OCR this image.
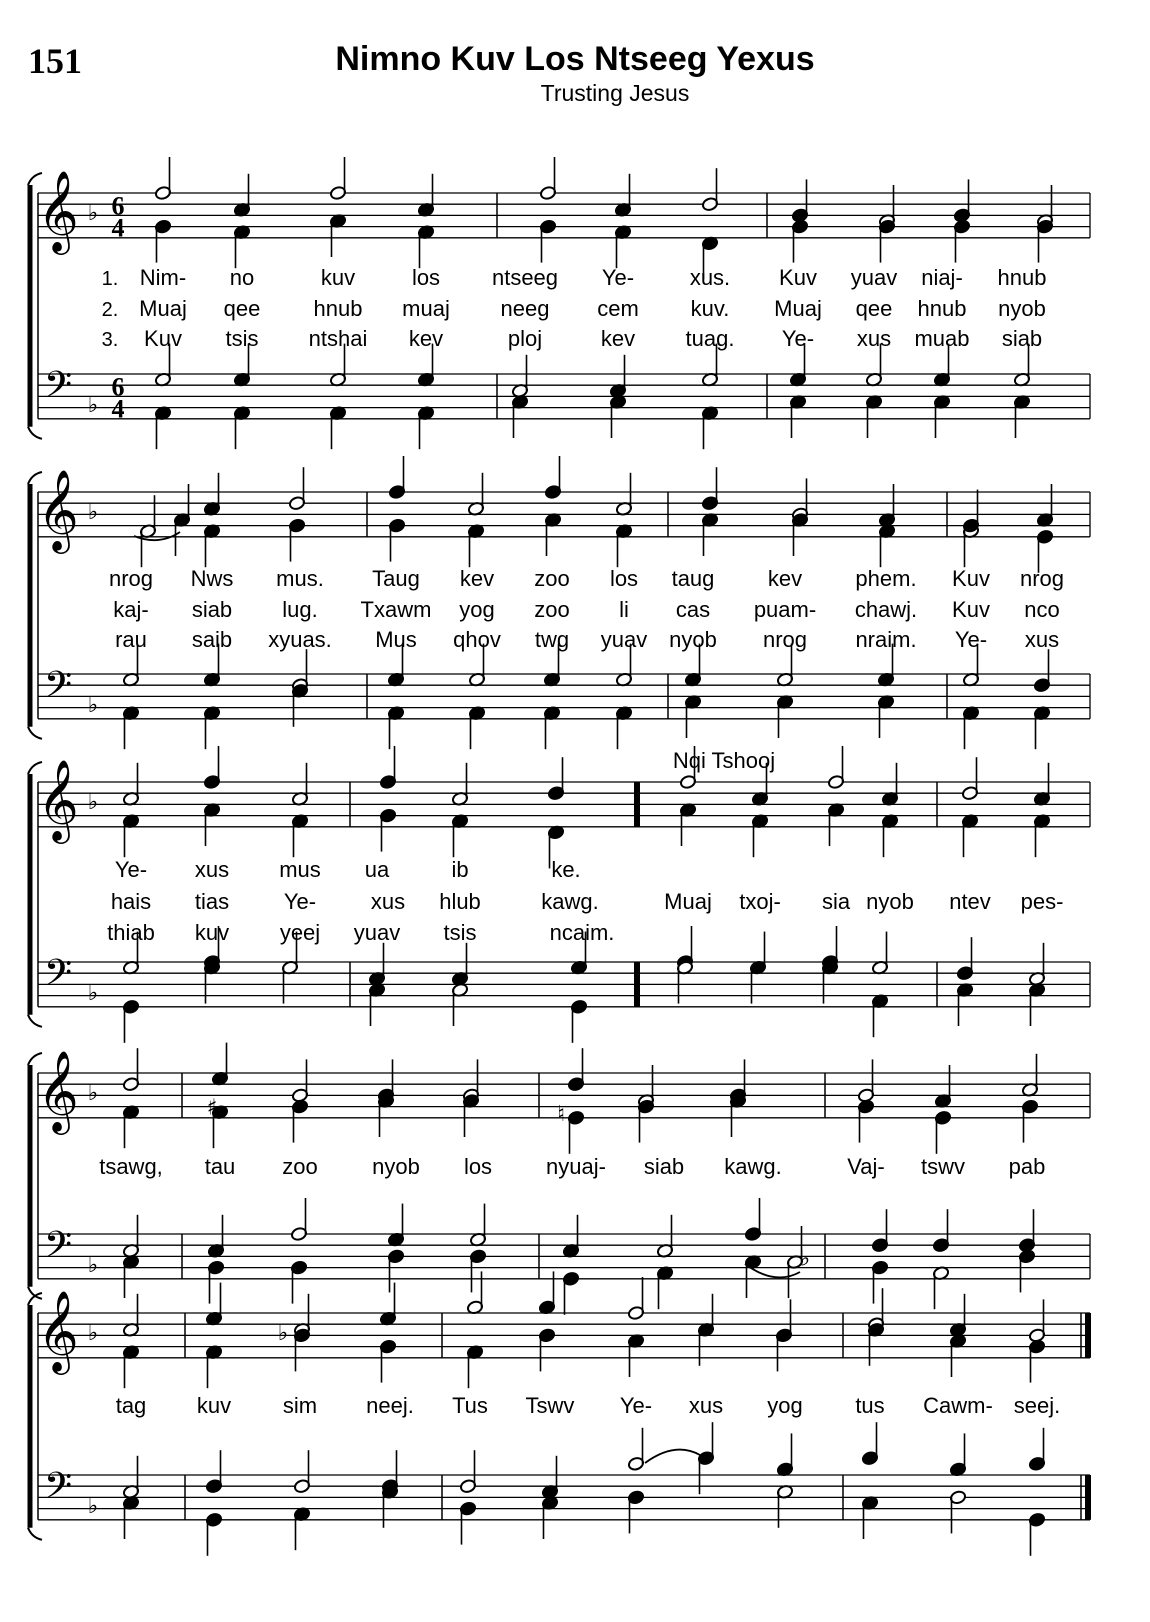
151	Nimno Kuv Los Ntseeg Yexus
Trusting Jesus
𝄞
𝄢
♭
♭
6
4
6
4
𝄞
𝄢
♭
♭
𝄞
𝄢
♭
♭
𝄞
𝄢
♭
♭
𝄞
𝄢
♭
♭
♯	♮
♭
♭
Nqi Tshooj
Nim- no	kuv	los ntseeg Ye-	xus. Kuv yuav niaj- hnub
1.
Muaj qee hnub muaj neeg cem kuv. Muaj qee hnub nyob
2.
Kuv tsis ntshai kev	ploj	kev tuag. Ye- xus muab siab
3.
nrog Nws mus. Taug kev zoo los taug kev phem. Kuv nrog
kaj- siab lug. Txawm yog zoo li cas puam- chawj. Kuv nco
rau saib xyuas. Mus qhov twg yuav nyob nrog nraim. Ye- xus
Ye- xus mus ua	ib	ke.
hais tias Ye- xus hlub	kawg.	Muaj txoj- sia nyob ntev pes-
thiab kuv yeej yuav tsis	ncaim.
tsawg, tau zoo nyob los nyuaj- siab kawg.	Vaj- tswv pab
tag kuv sim neej. Tus Tswv Ye- xus yog tus Cawm- seej.
